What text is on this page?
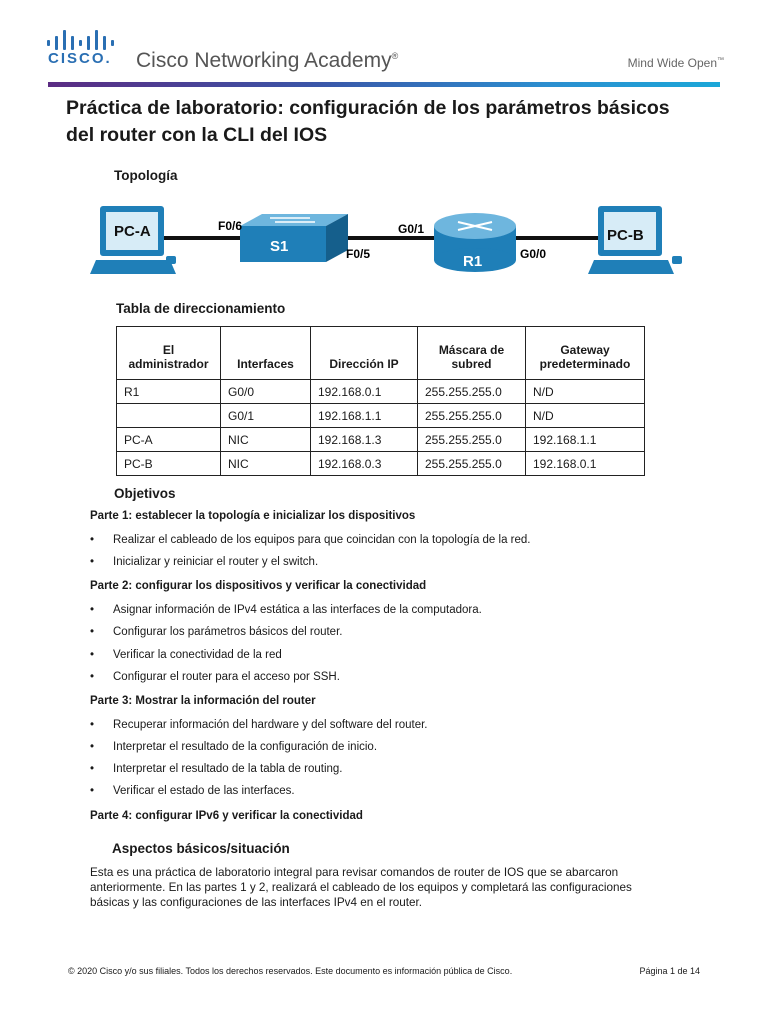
CISCO. Cisco Networking Academy®	Mind Wide Open™
Práctica de laboratorio: configuración de los parámetros básicos
del router con la CLI del IOS
Topología
PC-A
S1
R1
PC-B
F0/6
F0/5
G0/1
G0/0
Tabla de direccionamiento
El administrador	Interfaces	Dirección IP	Máscara de subred	Gateway predeterminado
R1	G0/0	192.168.0.1	255.255.255.0	N/D
	G0/1	192.168.1.1	255.255.255.0	N/D
PC-A	NIC	192.168.1.3	255.255.255.0	192.168.1.1
PC-B	NIC	192.168.0.3	255.255.255.0	192.168.0.1
Objetivos
Parte 1: establecer la topología e inicializar los dispositivos
• Realizar el cableado de los equipos para que coincidan con la topología de la red.
• Inicializar y reiniciar el router y el switch.
Parte 2: configurar los dispositivos y verificar la conectividad
• Asignar información de IPv4 estática a las interfaces de la computadora.
• Configurar los parámetros básicos del router.
• Verificar la conectividad de la red
• Configurar el router para el acceso por SSH.
Parte 3: Mostrar la información del router
• Recuperar información del hardware y del software del router.
• Interpretar el resultado de la configuración de inicio.
• Interpretar el resultado de la tabla de routing.
• Verificar el estado de las interfaces.
Parte 4: configurar IPv6 y verificar la conectividad
Aspectos básicos/situación
Esta es una práctica de laboratorio integral para revisar comandos de router de IOS que se abarcaron
anteriormente. En las partes 1 y 2, realizará el cableado de los equipos y completará las configuraciones
básicas y las configuraciones de las interfaces IPv4 en el router.
© 2020 Cisco y/o sus filiales. Todos los derechos reservados. Este documento es información pública de Cisco.	Página 1 de 14
